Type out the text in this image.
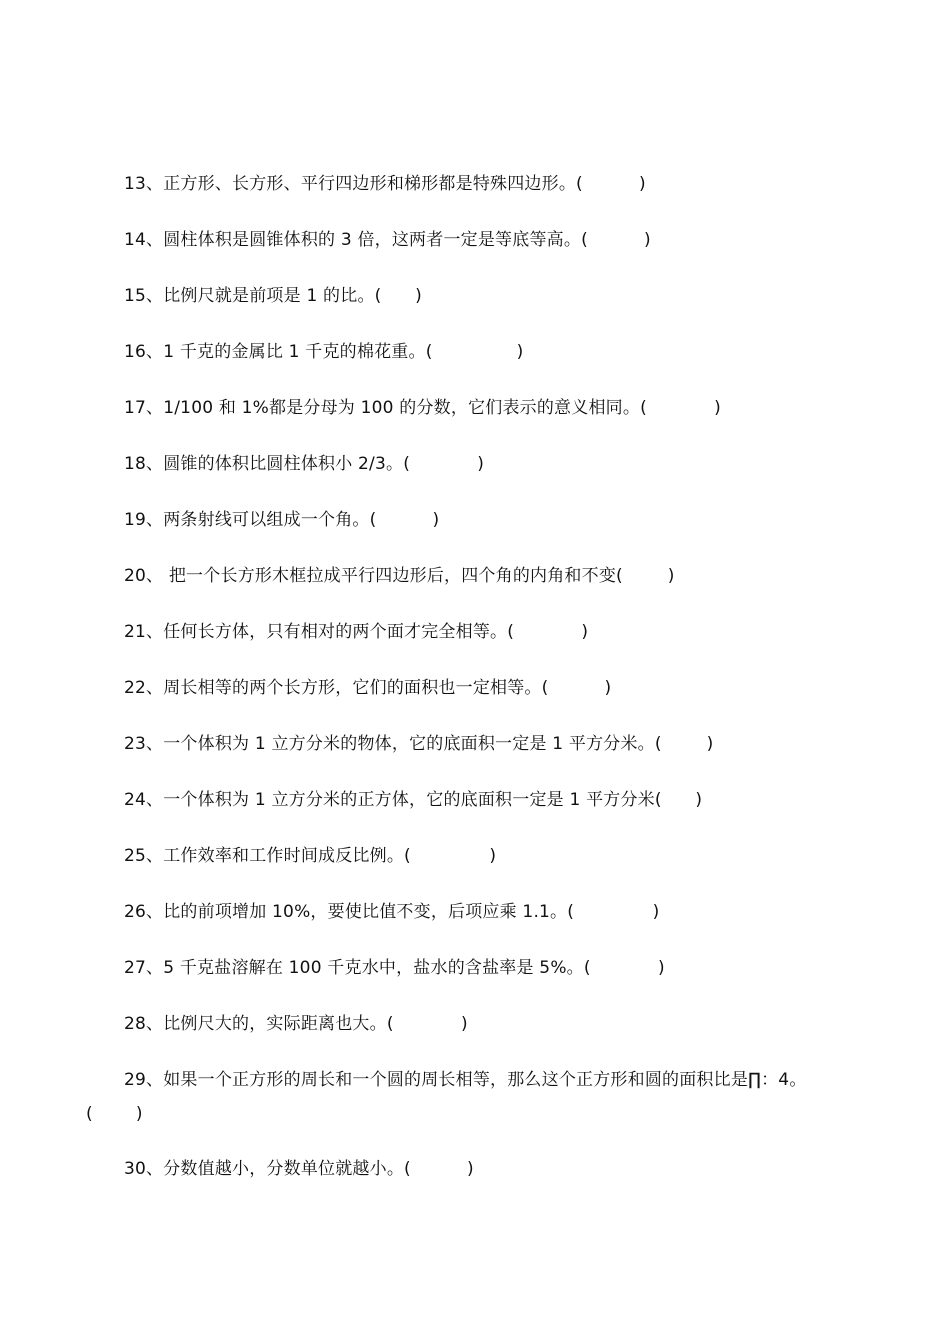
13、正方形、长方形、平行四边形和梯形都是特殊四边形。(	)
14、圆柱体积是圆锥体积的 3 倍，这两者一定是等底等高。(	)
15、比例尺就是前项是 1 的比。( )
16、1 千克的金属比 1 千克的棉花重。(	)
17、1/100 和 1%都是分母为 100 的分数，它们表示的意义相同。(	)
18、圆锥的体积比圆柱体积小 2/3。(	)
19、两条射线可以组成一个角。(	)
20、 把一个长方形木框拉成平行四边形后，四个角的内角和不变(	)
21、任何长方体，只有相对的两个面才完全相等。(	)
22、周长相等的两个长方形，它们的面积也一定相等。(	)
23、一个体积为 1 立方分米的物体，它的底面积一定是 1 平方分米。(	)
24、一个体积为 1 立方分米的正方体，它的底面积一定是 1 平方分米( )
25、工作效率和工作时间成反比例。(	)
26、比的前项增加 10%，要使比值不变，后项应乘 1.1。(	)
27、5 千克盐溶解在 100 千克水中，盐水的含盐率是 5%。(	)
28、比例尺大的，实际距离也大。(	)
29、如果一个正方形的周长和一个圆的周长相等，那么这个正方形和圆的面积比是∏：4。
(	)
30、分数值越小，分数单位就越小。(	)
